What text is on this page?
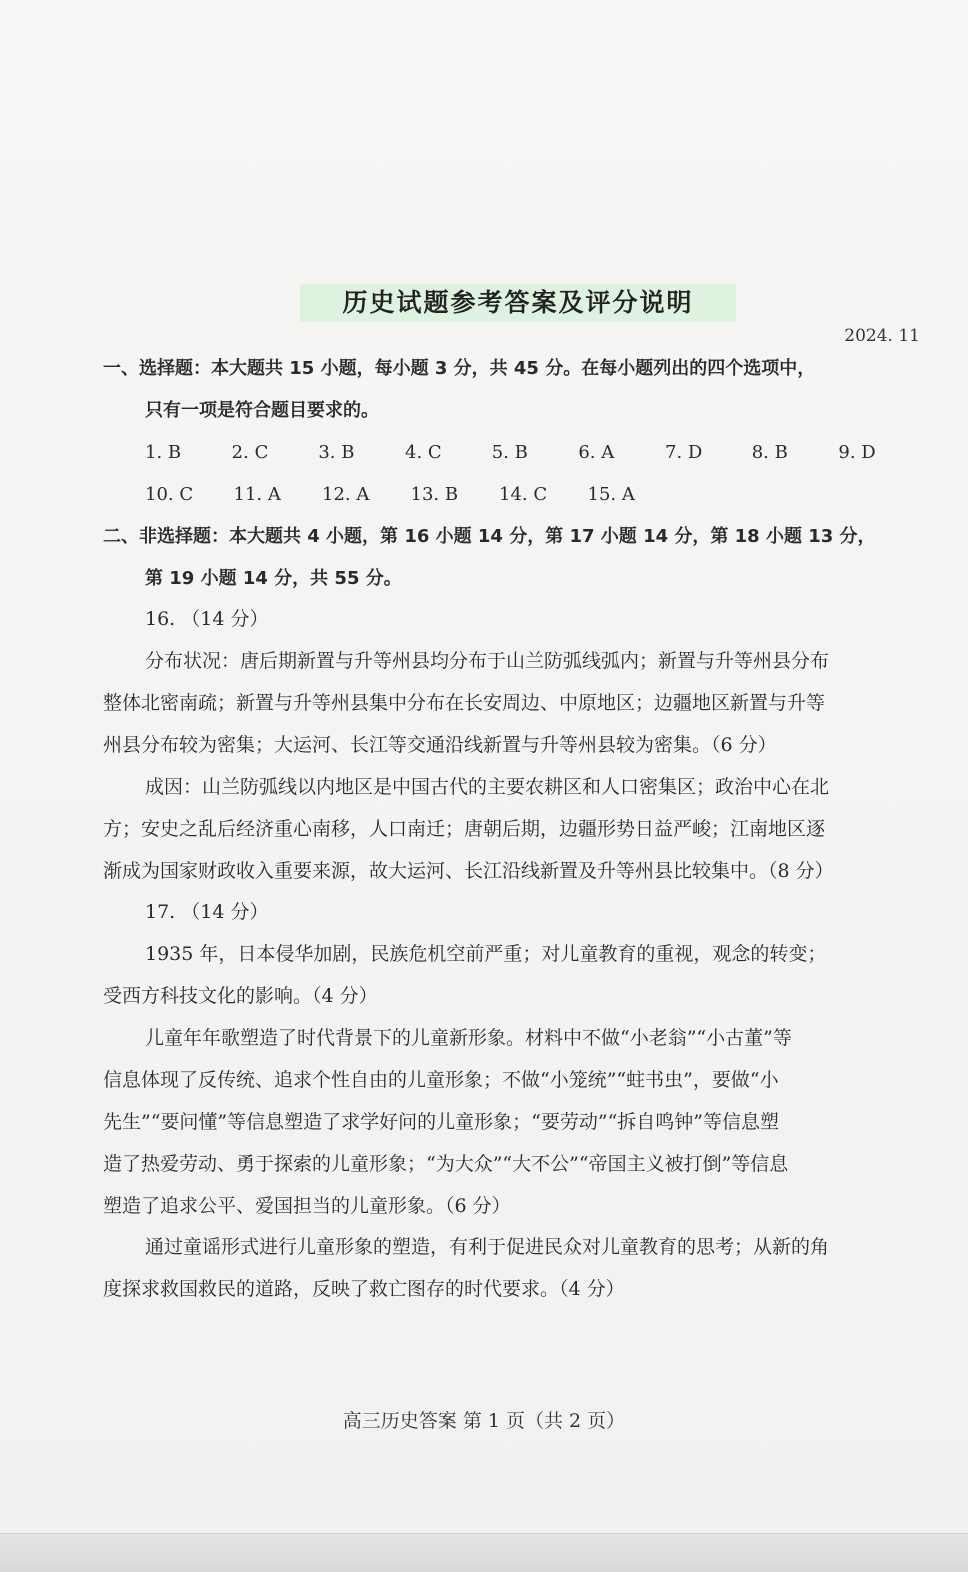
历史试题参考答案及评分说明
2024. 11
一、选择题：本大题共 15 小题，每小题 3 分，共 45 分。在每小题列出的四个选项中，
只有一项是符合题目要求的。
1. B	2. C	3. B	4. C	5. B	6. A	7. D	8. B	9. D
10. C	11. A	12. A	13. B	14. C	15. A
二、非选择题：本大题共 4 小题，第 16 小题 14 分，第 17 小题 14 分，第 18 小题 13 分，
第 19 小题 14 分，共 55 分。
16. （14 分）
分布状况：唐后期新置与升等州县均分布于山兰防弧线弧内；新置与升等州县分布
整体北密南疏；新置与升等州县集中分布在长安周边、中原地区；边疆地区新置与升等
州县分布较为密集；大运河、长江等交通沿线新置与升等州县较为密集。（6 分）
成因：山兰防弧线以内地区是中国古代的主要农耕区和人口密集区；政治中心在北
方；安史之乱后经济重心南移，人口南迁；唐朝后期，边疆形势日益严峻；江南地区逐
渐成为国家财政收入重要来源，故大运河、长江沿线新置及升等州县比较集中。（8 分）
17. （14 分）
1935 年，日本侵华加剧，民族危机空前严重；对儿童教育的重视，观念的转变；
受西方科技文化的影响。（4 分）
儿童年年歌塑造了时代背景下的儿童新形象。材料中不做“小老翁”“小古董”等
信息体现了反传统、追求个性自由的儿童形象；不做“小笼统”“蛀书虫”，要做“小
先生”“要问懂”等信息塑造了求学好问的儿童形象；“要劳动”“拆自鸣钟”等信息塑
造了热爱劳动、勇于探索的儿童形象；“为大众”“大不公”“帝国主义被打倒”等信息
塑造了追求公平、爱国担当的儿童形象。（6 分）
通过童谣形式进行儿童形象的塑造，有利于促进民众对儿童教育的思考；从新的角
度探求救国救民的道路，反映了救亡图存的时代要求。（4 分）
高三历史答案 第 1 页（共 2 页）
